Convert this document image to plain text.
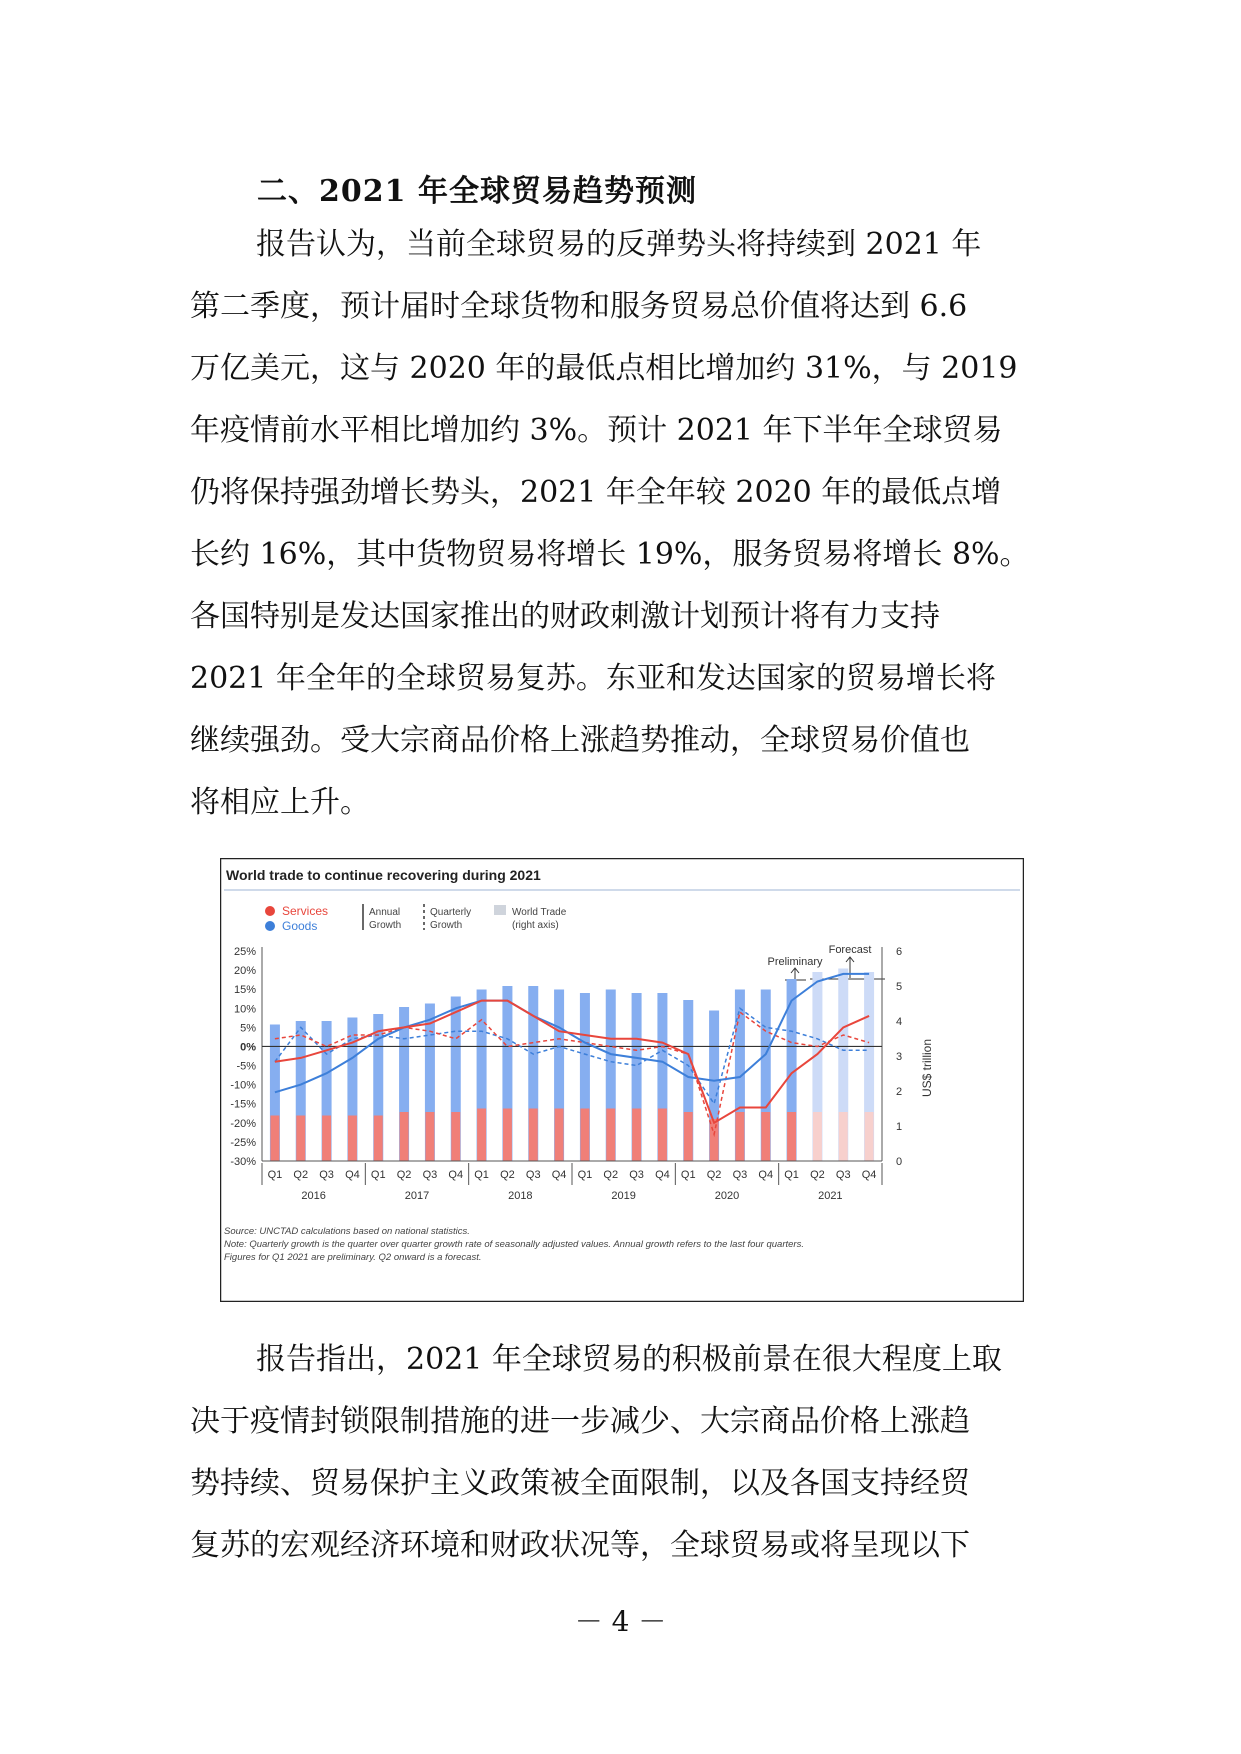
二、2021 年全球贸易趋势预测
报告认为，当前全球贸易的反弹势头将持续到 2021 年
第二季度，预计届时全球货物和服务贸易总价值将达到 6.6
万亿美元，这与 2020 年的最低点相比增加约 31%，与 2019
年疫情前水平相比增加约 3%。预计 2021 年下半年全球贸易
仍将保持强劲增长势头，2021 年全年较 2020 年的最低点增
长约 16%，其中货物贸易将增长 19%，服务贸易将增长 8%。
各国特别是发达国家推出的财政刺激计划预计将有力支持
2021 年全年的全球贸易复苏。东亚和发达国家的贸易增长将
继续强劲。受大宗商品价格上涨趋势推动，全球贸易价值也
将相应上升。
World trade to continue recovering during 2021
Services
Goods
Annual
Growth
Quarterly
Growth
World Trade
(right axis)
Preliminary
Forecast
25%
20%
15%
10%
5%
0%
-5%
-10%
-15%
-20%
-25%
-30%
6
5
4
3
2
1
0
Q1 Q2 Q3 Q4 Q1 Q2 Q3 Q4 Q1 Q2 Q3 Q4 Q1 Q2 Q3 Q4 Q1 Q2 Q3 Q4 Q1 Q2 Q3 Q4
2016	2017	2018	2019	2020	2021
US$ trillion
Source: UNCTAD calculations based on national statistics.
Note: Quarterly growth is the quarter over quarter growth rate of seasonally adjusted values. Annual growth refers to the last four quarters.
Figures for Q1 2021 are preliminary. Q2 onward is a forecast.
报告指出，2021 年全球贸易的积极前景在很大程度上取
决于疫情封锁限制措施的进一步减少、大宗商品价格上涨趋
势持续、贸易保护主义政策被全面限制，以及各国支持经贸
复苏的宏观经济环境和财政状况等，全球贸易或将呈现以下
－ 4 －
